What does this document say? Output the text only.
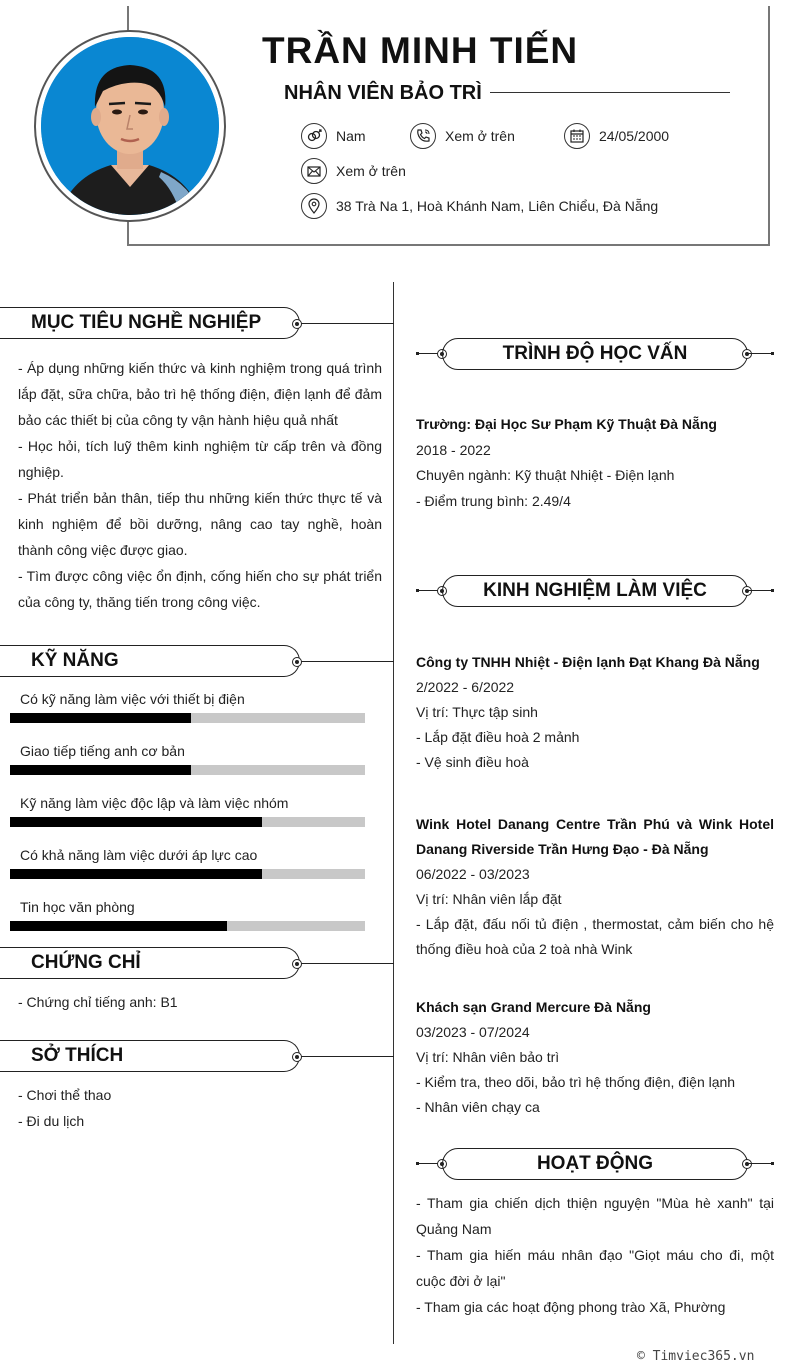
TRẦN MINH TIẾN
NHÂN VIÊN BẢO TRÌ
Nam	Xem ở trên	24/05/2000
Xem ở trên
38 Trà Na 1, Hoà Khánh Nam, Liên Chiểu, Đà Nẵng
MỤC TIÊU NGHỀ NGHIỆP
- Áp dụng những kiến thức và kinh nghiệm trong quá trình lắp đặt, sữa chữa, bảo trì hệ thống điện, điện lạnh để đảm bảo các thiết bị của công ty vận hành hiệu quả nhất
- Học hỏi, tích luỹ thêm kinh nghiệm từ cấp trên và đồng nghiệp.
- Phát triển bản thân, tiếp thu những kiến thức thực tế và kinh nghiệm để bồi dưỡng, nâng cao tay nghề, hoàn thành công việc được giao.
- Tìm được công việc ổn định, cống hiến cho sự phát triển của công ty, thăng tiến trong công việc.
KỸ NĂNG
Có kỹ năng làm việc với thiết bị điện
Giao tiếp tiếng anh cơ bản
Kỹ năng làm việc độc lập và làm việc nhóm
Có khả năng làm việc dưới áp lực cao
Tin học văn phòng
CHỨNG CHỈ
- Chứng chỉ tiếng anh: B1
SỞ THÍCH
- Chơi thể thao
- Đi du lịch
TRÌNH ĐỘ HỌC VẤN
Trường: Đại Học Sư Phạm Kỹ Thuật Đà Nẵng
2018 - 2022
Chuyên ngành: Kỹ thuật Nhiệt - Điện lạnh
- Điểm trung bình: 2.49/4
KINH NGHIỆM LÀM VIỆC
Công ty TNHH Nhiệt - Điện lạnh Đạt Khang Đà Nẵng
2/2022 - 6/2022
Vị trí: Thực tập sinh
- Lắp đặt điều hoà 2 mảnh
- Vệ sinh điều hoà
Wink Hotel Danang Centre Trần Phú và Wink Hotel Danang Riverside Trần Hưng Đạo - Đà Nẵng
06/2022 - 03/2023
Vị trí: Nhân viên lắp đặt
- Lắp đặt, đấu nối tủ điện , thermostat, cảm biến cho hệ thống điều hoà của 2 toà nhà Wink
Khách sạn Grand Mercure Đà Nẵng
03/2023 - 07/2024
Vị trí: Nhân viên bảo trì
- Kiểm tra, theo dõi, bảo trì hệ thống điện, điện lạnh
- Nhân viên chạy ca
HOẠT ĐỘNG
- Tham gia chiến dịch thiện nguyện "Mùa hè xanh" tại Quảng Nam
- Tham gia hiến máu nhân đạo "Giọt máu cho đi, một cuộc đời ở lại"
- Tham gia các hoạt động phong trào Xã, Phường
© Timviec365.vn
